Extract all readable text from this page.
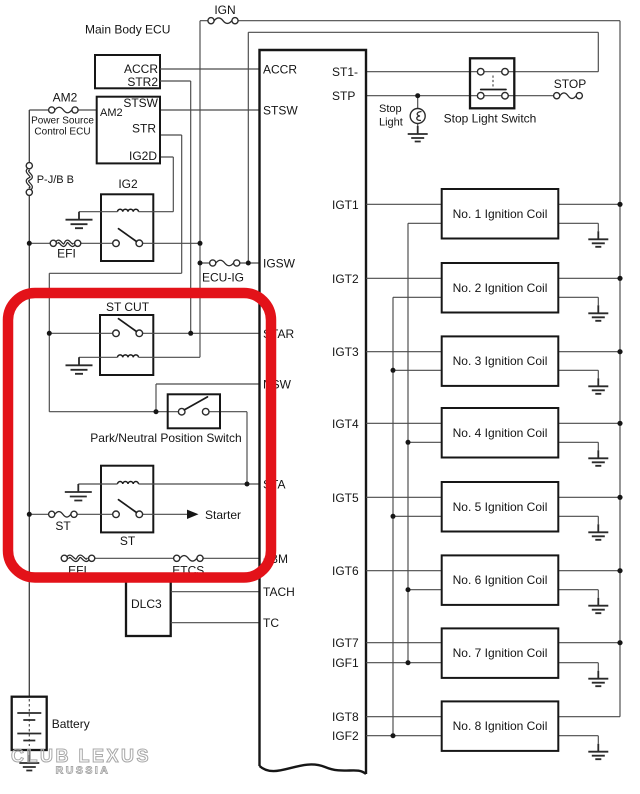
IGN
Main Body ECU
ACCR
STR2
AM2
Power Source
Control ECU
AM2
STSW
STR
IG2D
P-J/B B	IG2
EFI
ECU-IG
ST CUT
Park/Neutral Position Switch
ST
ST
Starter
EFI	ETCS
DLC3
Battery
Stop
Light	Stop Light Switch
STOP
ACCR
STSW
IGSW
STAR
NSW
STA
+BM
TACH
TC
ST1-
STP
IGT1
IGT2
IGT3
IGT4
IGT5
IGT6
IGT7
IGF1
IGT8
IGF2
No. 1 Ignition Coil
No. 2 Ignition Coil
No. 3 Ignition Coil
No. 4 Ignition Coil
No. 5 Ignition Coil
No. 6 Ignition Coil
No. 7 Ignition Coil
No. 8 Ignition Coil
CLUB LEXUS
RUSSIA
